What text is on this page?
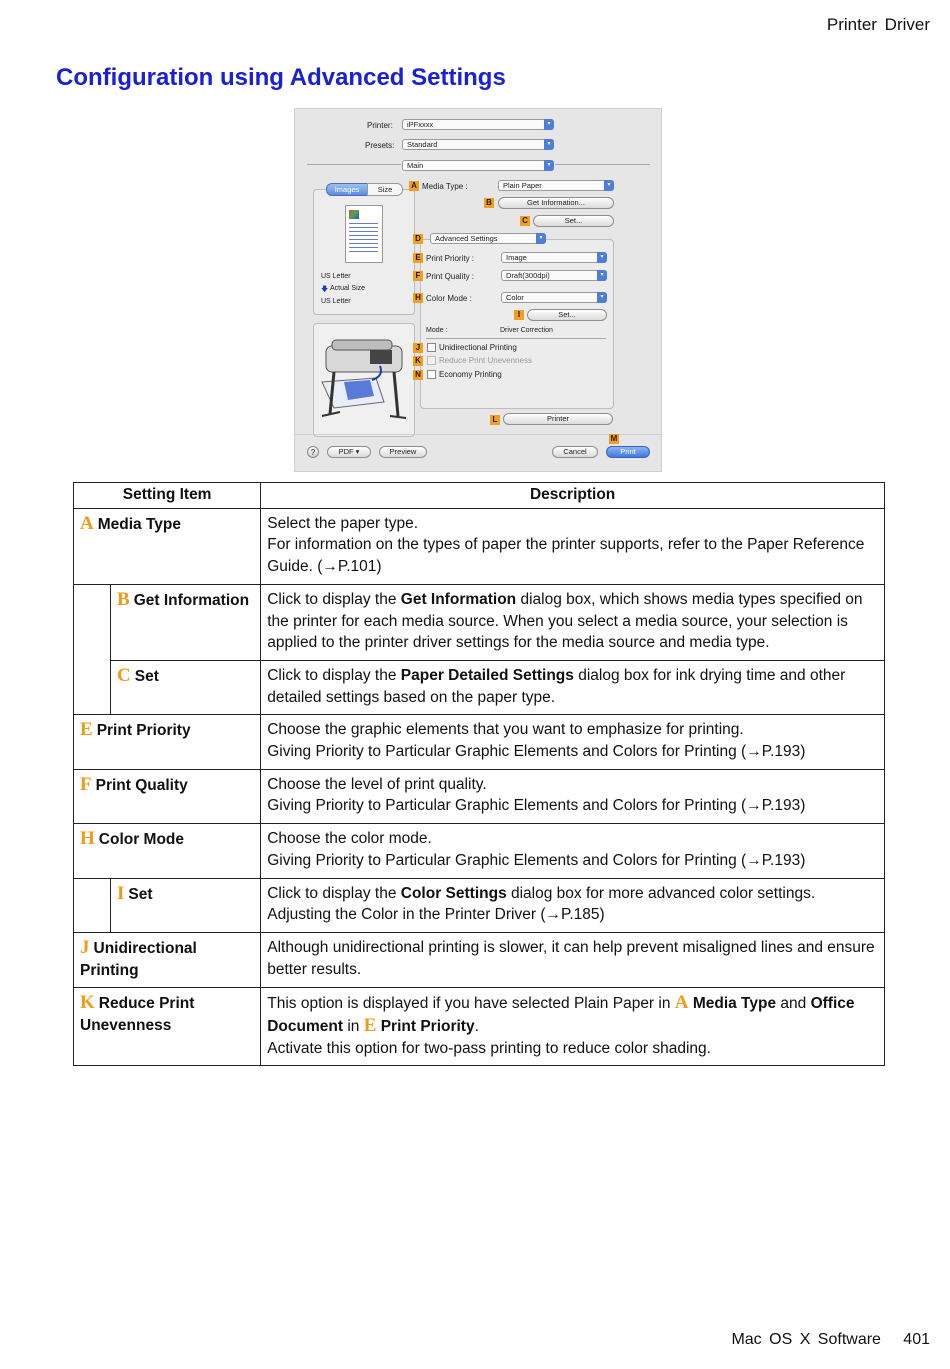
Printer Driver
Configuration using Advanced Settings
Printer:	iPFxxxx	▾
Presets:	Standard	▾
Main	▾
Images	Size
US Letter
🡇 Actual Size
US Letter
A Media Type :	Plain Paper	▾
B	Get Information...
C	Set...
D	Advanced Settings	▾
E Print Priority :	Image	▾
F Print Quality :	Draft(300dpi)	▾
H Color Mode :	Color	▾
I	Set...
Mode :	Driver Correction
J	Unidirectional Printing
K Reduce Print Unevenness
N Economy Printing
L	Printer
M
?	PDF ▾	Preview	Cancel	Print
Setting Item		Description
A Media Type		Select the paper type.
For information on the types of paper the printer supports, refer to the Paper Reference Guide. (→P.101)

	B Get Information	Click to display the Get Information dialog box, which shows media types specified on the printer for each media source. When you select a media source, your selection is applied to the printer driver settings for the media source and media type.
	C Set	Click to display the Paper Detailed Settings dialog box for ink drying time and other detailed settings based on the paper type.
E Print Priority		Choose the graphic elements that you want to emphasize for printing.
Giving Priority to Particular Graphic Elements and Colors for Printing (→P.193)

F Print Quality		Choose the level of print quality.
Giving Priority to Particular Graphic Elements and Colors for Printing (→P.193)

H Color Mode		Choose the color mode.
Giving Priority to Particular Graphic Elements and Colors for Printing (→P.193)

	I Set	Click to display the Color Settings dialog box for more advanced color settings.
Adjusting the Color in the Printer Driver (→P.185)

J Unidirectional Printing		Although unidirectional printing is slower, it can help prevent misaligned lines and ensure better results.

K Reduce Print Unevenness		This option is displayed if you have selected Plain Paper in A Media Type and Office Document in E Print Priority.
Activate this option for two-pass printing to reduce color shading.
Mac OS X Software 401
